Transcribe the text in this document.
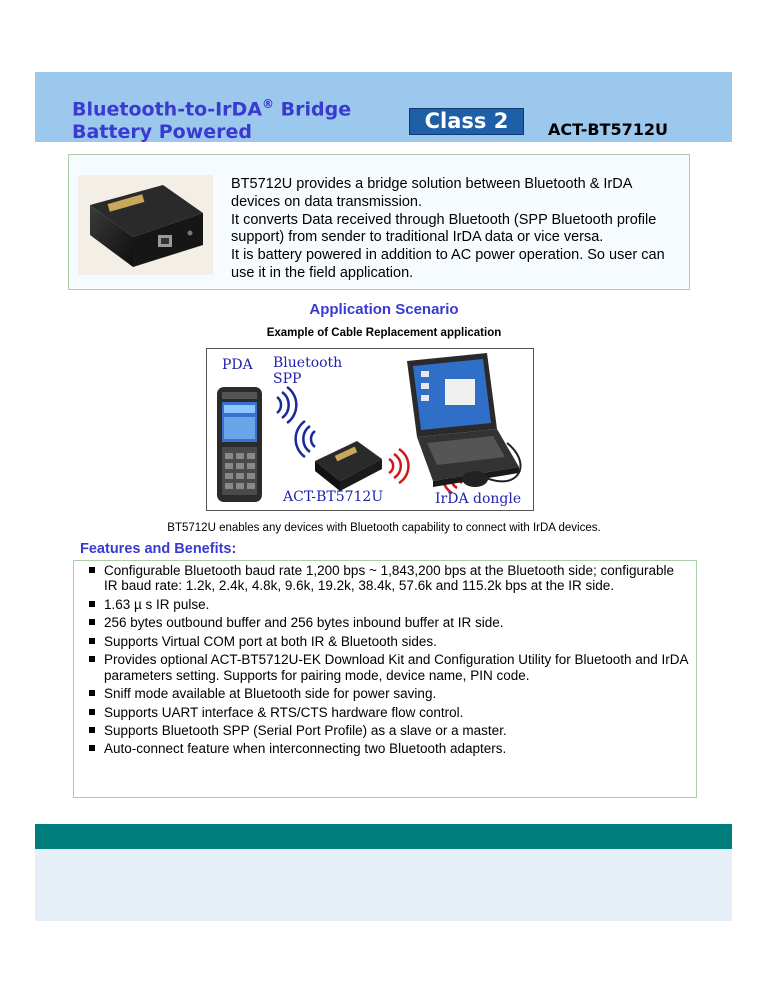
Bluetooth-to-IrDA® Bridge
Battery Powered	Class 2	ACT-BT5712U

BT5712U provides a bridge solution between Bluetooth & IrDA devices on data transmission.

It converts Data received through Bluetooth (SPP Bluetooth profile support) from sender to traditional IrDA data or vice versa.

It is battery powered in addition to AC power operation. So user can use it in the field application.

Application Scenario
Example of Cable Replacement application
PDA Bluetooth
SPP
ACT-BT5712U	IrDA dongle
BT5712U enables any devices with Bluetooth capability to connect with IrDA devices.
Features and Benefits:
Configurable Bluetooth baud rate 1,200 bps ~ 1,843,200 bps at the Bluetooth side; configurable IR baud rate: 1.2k, 2.4k, 4.8k, 9.6k, 19.2k, 38.4k, 57.6k and 115.2k bps at the IR side.
1.63 µ s IR pulse.
256 bytes outbound buffer and 256 bytes inbound buffer at IR side.
Supports Virtual COM port at both IR & Bluetooth sides.
Provides optional ACT-BT5712U-EK Download Kit and Configuration Utility for Bluetooth and IrDA parameters setting. Supports for pairing mode, device name, PIN code.
Sniff mode available at Bluetooth side for power saving.
Supports UART interface & RTS/CTS hardware flow control.
Supports Bluetooth SPP (Serial Port Profile) as a slave or a master.
Auto-connect feature when interconnecting two Bluetooth adapters.
